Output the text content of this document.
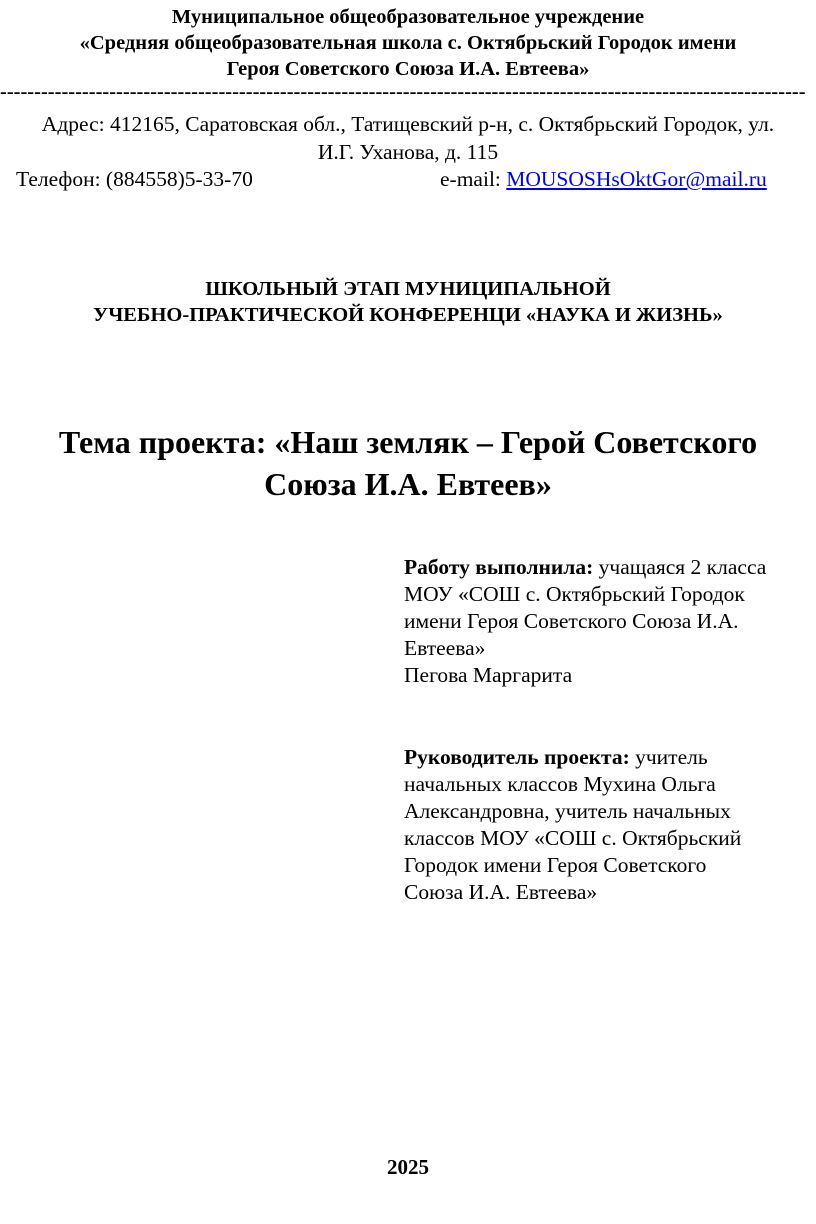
Муниципальное общеобразовательное учреждение
«Средняя общеобразовательная школа с. Октябрьский Городок имени
Героя Советского Союза И.А. Евтеева»
----------------------------------------------------------------------------------------------------------------------
Адрес: 412165, Саратовская обл., Татищевский р-н, с. Октябрьский Городок, ул.
И.Г. Уханова, д. 115
Телефон: (884558)5-33-70	e-mail: MOUSOSHsOktGor@mail.ru
ШКОЛЬНЫЙ ЭТАП МУНИЦИПАЛЬНОЙ
УЧЕБНО-ПРАКТИЧЕСКОЙ КОНФЕРЕНЦИ «НАУКА И ЖИЗНЬ»
Тема проекта: «Наш земляк – Герой Советского
Союза И.А. Евтеев»
Работу выполнила: учащаяся 2 класса
МОУ «СОШ с. Октябрьский Городок
имени Героя Советского Союза И.А.
Евтеева»
Пегова Маргарита
Руководитель проекта: учитель
начальных классов Мухина Ольга
Александровна, учитель начальных
классов МОУ «СОШ с. Октябрьский
Городок имени Героя Советского
Союза И.А. Евтеева»
2025
